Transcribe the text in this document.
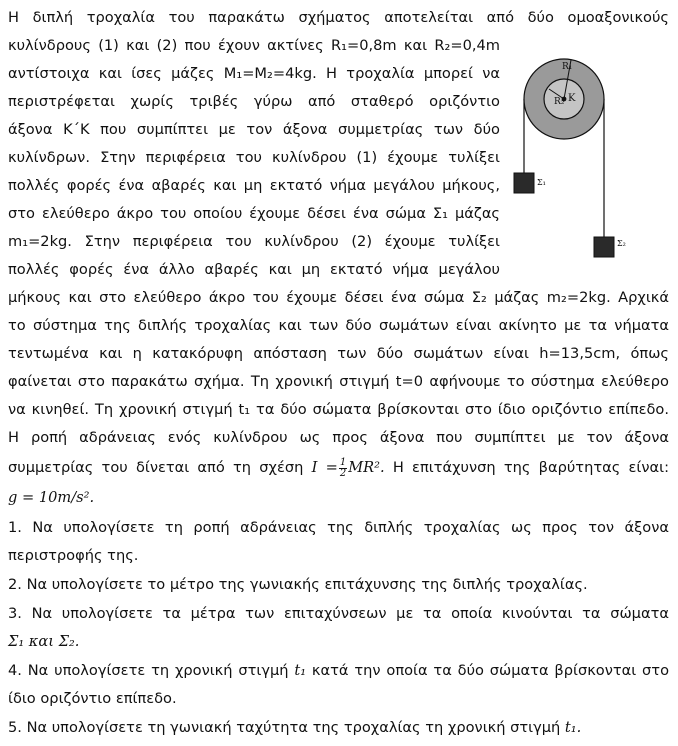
Η διπλή τροχαλία του παρακάτω σχήματος αποτελείται από δύο ομοαξονικούς
κυλίνδρους (1) και (2) που έχουν ακτίνες R₁=0,8m και R₂=0,4m
αντίστοιχα και ίσες μάζες Μ₁=Μ₂=4kg. Η τροχαλία μπορεί να
περιστρέφεται χωρίς τριβές γύρω από σταθερό οριζόντιο
άξονα Κ΄Κ που συμπίπτει με τον άξονα συμμετρίας των δύο
κυλίνδρων. Στην περιφέρεια του κυλίνδρου (1) έχουμε τυλίξει
πολλές φορές ένα αβαρές και μη εκτατό νήμα μεγάλου μήκους,
στο ελεύθερο άκρο του οποίου έχουμε δέσει ένα σώμα Σ₁ μάζας
m₁=2kg. Στην περιφέρεια του κυλίνδρου (2) έχουμε τυλίξει
πολλές φορές ένα άλλο αβαρές και μη εκτατό νήμα μεγάλου
μήκους και στο ελεύθερο άκρο του έχουμε δέσει ένα σώμα Σ₂ μάζας m₂=2kg. Αρχικά
το σύστημα της διπλής τροχαλίας και των δύο σωμάτων είναι ακίνητο με τα νήματα
τεντωμένα και η κατακόρυφη απόσταση των δύο σωμάτων είναι h=13,5cm, όπως
φαίνεται στο παρακάτω σχήμα. Τη χρονική στιγμή t=0 αφήνουμε το σύστημα ελεύθερο
να κινηθεί. Τη χρονική στιγμή t₁ τα δύο σώματα βρίσκονται στο ίδιο οριζόντιο επίπεδο.
Η ροπή αδράνειας ενός κυλίνδρου ως προς άξονα που συμπίπτει με τον άξονα
συμμετρίας του δίνεται από τη σχέση $I = \frac{1}{2} MR^2$. Η επιτάχυνση της βαρύτητας είναι:
g = 10m/s².
1. Να υπολογίσετε τη ροπή αδράνειας της διπλής τροχαλίας ως προς τον άξονα
περιστροφής της.
2. Να υπολογίσετε το μέτρο της γωνιακής επιτάχυνσης της διπλής τροχαλίας.
3. Να υπολογίσετε τα μέτρα των επιταχύνσεων με τα οποία κινούνται τα σώματα
Σ₁ και Σ₂.
4. Να υπολογίσετε τη χρονική στιγμή t₁ κατά την οποία τα δύο σώματα βρίσκονται στο
ίδιο οριζόντιο επίπεδο.
5. Να υπολογίσετε τη γωνιακή ταχύτητα της τροχαλίας τη χρονική στιγμή t₁.
R₁
R₂ K
Σ₁
Σ₂
